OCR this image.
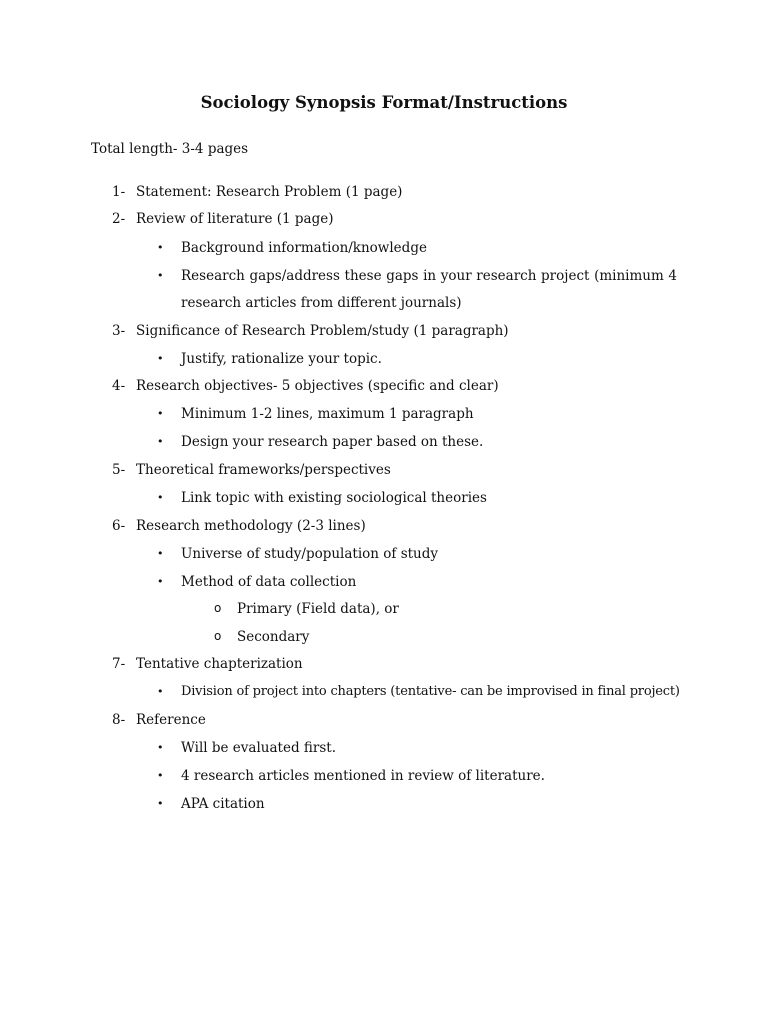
Sociology Synopsis Format/Instructions
Total length- 3-4 pages
1- Statement: Research Problem (1 page)
2- Review of literature (1 page)
• Background information/knowledge
• Research gaps/address these gaps in your research project (minimum 4
research articles from different journals)
3- Significance of Research Problem/study (1 paragraph)
• Justify, rationalize your topic.
4- Research objectives- 5 objectives (specific and clear)
• Minimum 1-2 lines, maximum 1 paragraph
• Design your research paper based on these.
5- Theoretical frameworks/perspectives
• Link topic with existing sociological theories
6- Research methodology (2-3 lines)
• Universe of study/population of study
• Method of data collection
o Primary (Field data), or
o Secondary
7- Tentative chapterization
• Division of project into chapters (tentative- can be improvised in final project)
8- Reference
• Will be evaluated first.
• 4 research articles mentioned in review of literature.
• APA citation
